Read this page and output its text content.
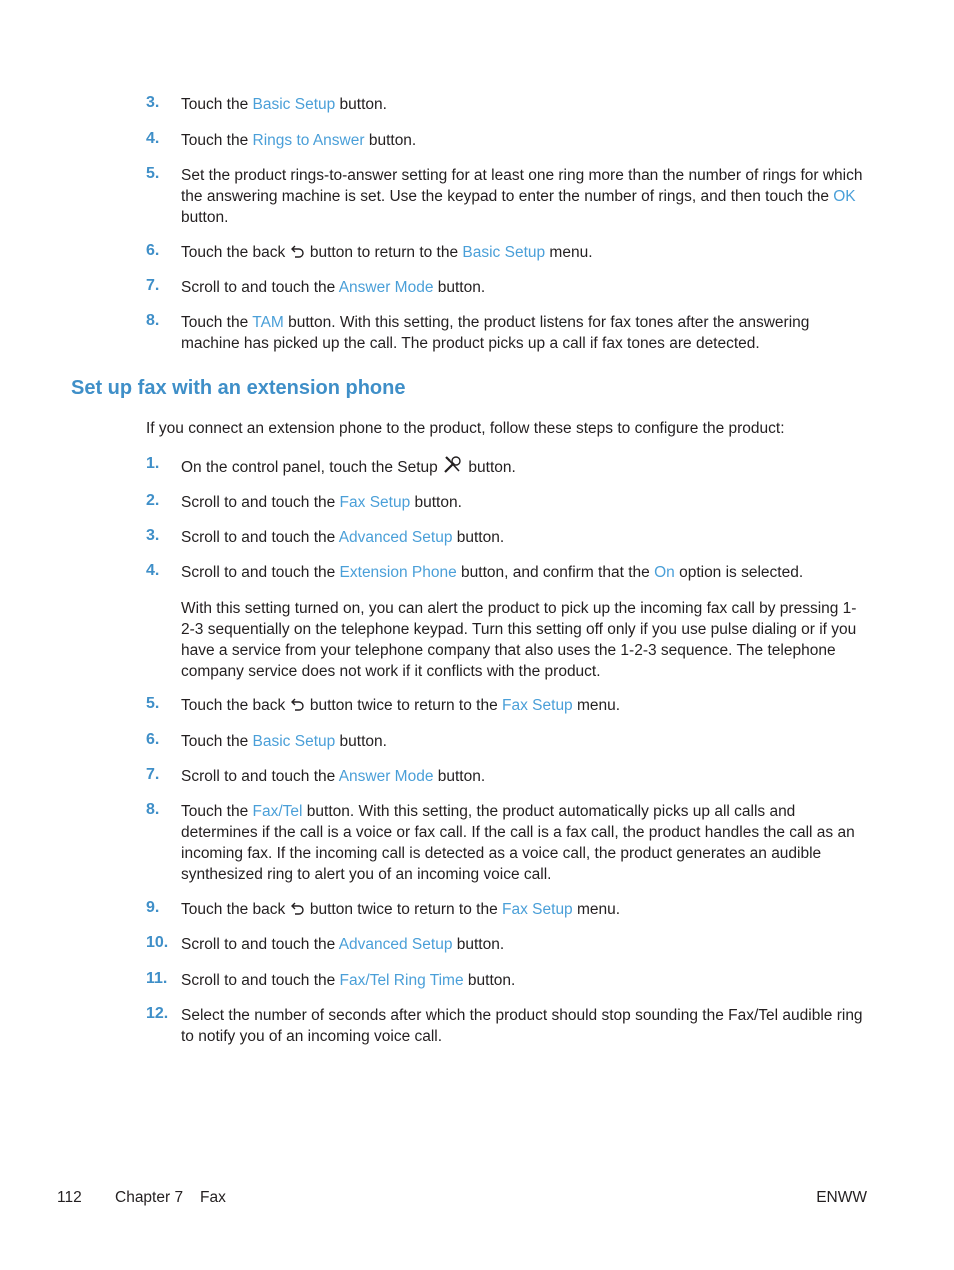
3.	Touch the Basic Setup button.
4.	Touch the Rings to Answer button.
5.	Set the product rings-to-answer setting for at least one ring more than the number of rings for which the answering machine is set. Use the keypad to enter the number of rings, and then touch the OK button.
6.	Touch the back  button to return to the Basic Setup menu.
7.	Scroll to and touch the Answer Mode button.
8.	Touch the TAM button. With this setting, the product listens for fax tones after the answering machine has picked up the call. The product picks up a call if fax tones are detected.
Set up fax with an extension phone
If you connect an extension phone to the product, follow these steps to configure the product:
1.	On the control panel, touch the Setup  button.
2.	Scroll to and touch the Fax Setup button.
3.	Scroll to and touch the Advanced Setup button.
4.	Scroll to and touch the Extension Phone button, and confirm that the On option is selected.
With this setting turned on, you can alert the product to pick up the incoming fax call by pressing 1-2-3 sequentially on the telephone keypad. Turn this setting off only if you use pulse dialing or if you have a service from your telephone company that also uses the 1-2-3 sequence. The telephone company service does not work if it conflicts with the product.
5.	Touch the back  button twice to return to the Fax Setup menu.
6.	Touch the Basic Setup button.
7.	Scroll to and touch the Answer Mode button.
8.	Touch the Fax/Tel button. With this setting, the product automatically picks up all calls and determines if the call is a voice or fax call. If the call is a fax call, the product handles the call as an incoming fax. If the incoming call is detected as a voice call, the product generates an audible synthesized ring to alert you of an incoming voice call.
9.	Touch the back  button twice to return to the Fax Setup menu.
10. Scroll to and touch the Advanced Setup button.
11. Scroll to and touch the Fax/Tel Ring Time button.
12. Select the number of seconds after which the product should stop sounding the Fax/Tel audible ring to notify you of an incoming voice call.
112 Chapter 7 Fax	ENWW
